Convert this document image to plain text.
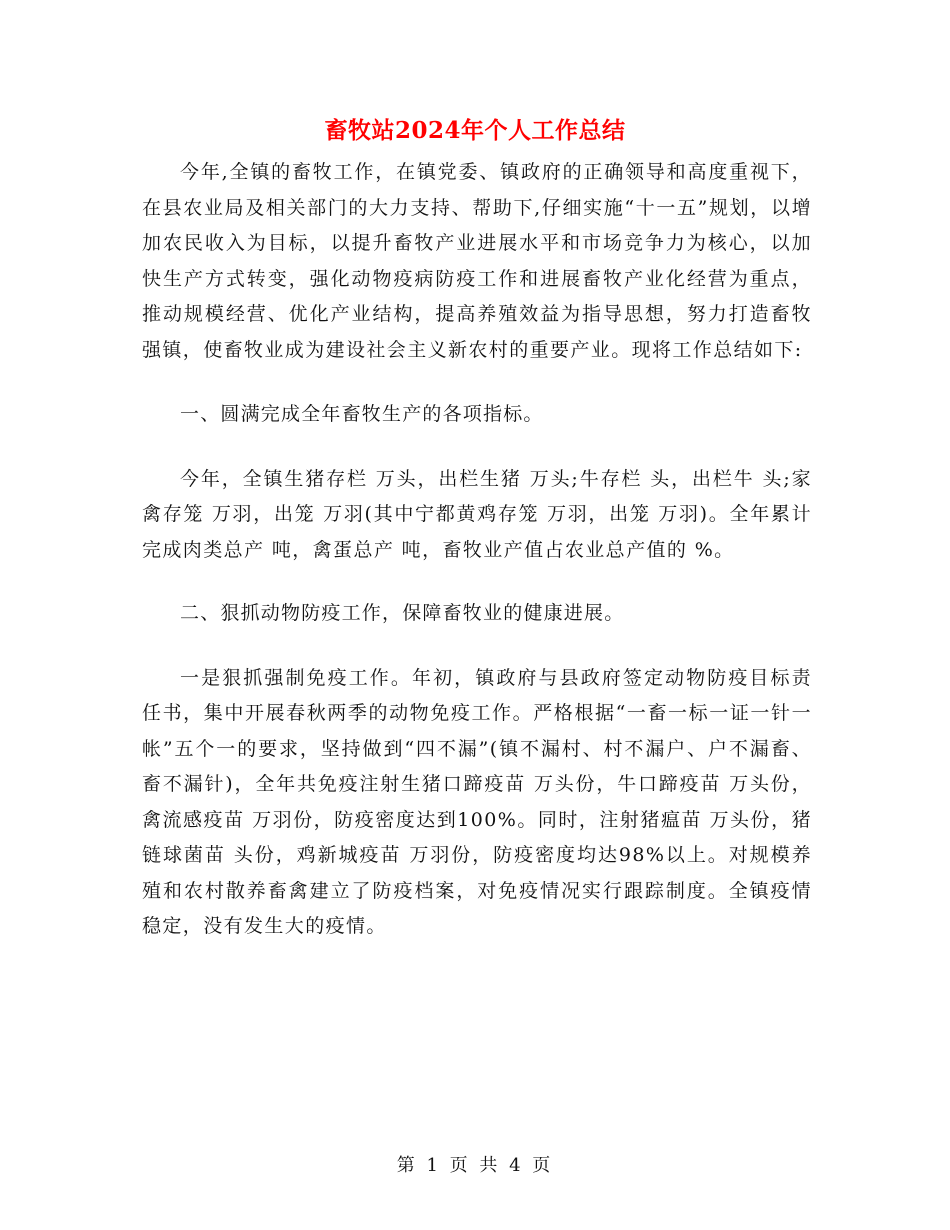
畜牧站2024年个人工作总结

今年,全镇的畜牧工作，在镇党委、镇政府的正确领导和高度重视下，在县农业局及相关部门的大力支持、帮助下,仔细实施“十一五”规划，以增加农民收入为目标，以提升畜牧产业进展水平和市场竞争力为核心，以加快生产方式转变，强化动物疫病防疫工作和进展畜牧产业化经营为重点，推动规模经营、优化产业结构，提高养殖效益为指导思想，努力打造畜牧强镇，使畜牧业成为建设社会主义新农村的重要产业。现将工作总结如下:

一、圆满完成全年畜牧生产的各项指标。

今年，全镇生猪存栏 万头，出栏生猪 万头;牛存栏 头，出栏牛 头;家禽存笼 万羽，出笼 万羽(其中宁都黄鸡存笼 万羽，出笼 万羽)。全年累计完成肉类总产 吨，禽蛋总产 吨，畜牧业产值占农业总产值的 %。

二、狠抓动物防疫工作，保障畜牧业的健康进展。

一是狠抓强制免疫工作。年初，镇政府与县政府签定动物防疫目标责任书，集中开展春秋两季的动物免疫工作。严格根据“一畜一标一证一针一帐”五个一的要求，坚持做到“四不漏”(镇不漏村、村不漏户、户不漏畜、畜不漏针)，全年共免疫注射生猪口蹄疫苗 万头份，牛口蹄疫苗 万头份，禽流感疫苗 万羽份，防疫密度达到100%。同时，注射猪瘟苗 万头份，猪链球菌苗 头份，鸡新城疫苗 万羽份，防疫密度均达98%以上。对规模养殖和农村散养畜禽建立了防疫档案，对免疫情况实行跟踪制度。全镇疫情稳定，没有发生大的疫情。

第 1 页 共 4 页
